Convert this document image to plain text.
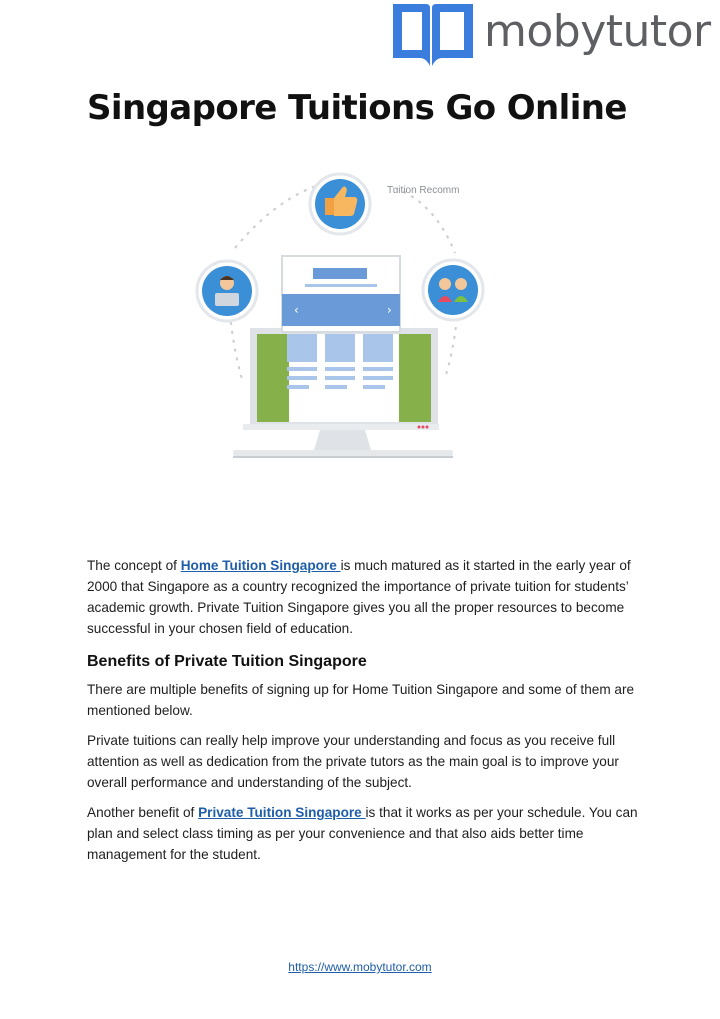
mobytutor
Singapore Tuitions Go Online
Tuition Recomm
‹	›

The concept of Home Tuition Singapore is much matured as it started in the early year of 2000 that Singapore as a country recognized the importance of private tuition for students’ academic growth. Private Tuition Singapore gives you all the proper resources to become successful in your chosen field of education.

Benefits of Private Tuition Singapore

There are multiple benefits of signing up for Home Tuition Singapore and some of them are mentioned below.

Private tuitions can really help improve your understanding and focus as you receive full attention as well as dedication from the private tutors as the main goal is to improve your overall performance and understanding of the subject.

Another benefit of Private Tuition Singapore is that it works as per your schedule. You can plan and select class timing as per your convenience and that also aids better time management for the student.

https://www.mobytutor.com
